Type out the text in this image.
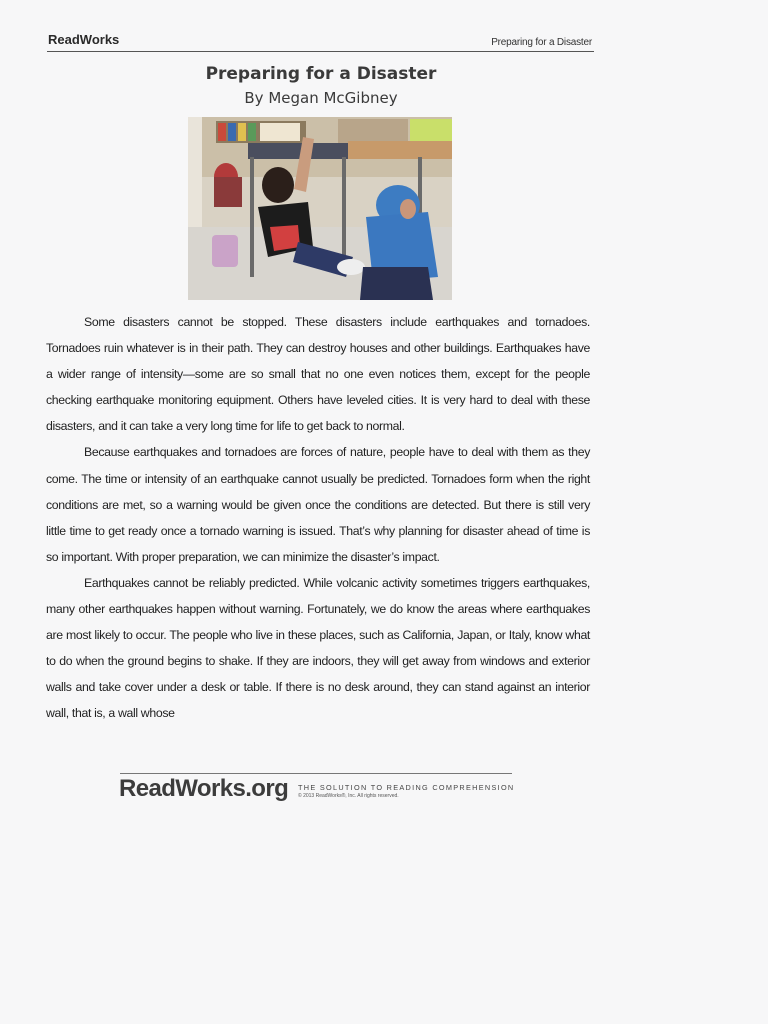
ReadWorks	Preparing for a Disaster
Preparing for a Disaster
By Megan McGibney

Some disasters cannot be stopped. These disasters include earthquakes and tornadoes. Tornadoes ruin whatever is in their path. They can destroy houses and other buildings. Earthquakes have a wider range of intensity—some are so small that no one even notices them, except for the people checking earthquake monitoring equipment. Others have leveled cities. It is very hard to deal with these disasters, and it can take a very long time for life to get back to normal.

Because earthquakes and tornadoes are forces of nature, people have to deal with them as they come. The time or intensity of an earthquake cannot usually be predicted. Tornadoes form when the right conditions are met, so a warning would be given once the conditions are detected. But there is still very little time to get ready once a tornado warning is issued. That’s why planning for disaster ahead of time is so important. With proper preparation, we can minimize the disaster’s impact.

Earthquakes cannot be reliably predicted. While volcanic activity sometimes triggers earthquakes, many other earthquakes happen without warning. Fortunately, we do know the areas where earthquakes are most likely to occur. The people who live in these places, such as California, Japan, or Italy, know what to do when the ground begins to shake. If they are indoors, they will get away from windows and exterior walls and take cover under a desk or table. If there is no desk around, they can stand against an interior wall, that is, a wall whose

ReadWorks.org THE SOLUTION TO READING COMPREHENSION
© 2013 ReadWorks®, Inc. All rights reserved.
